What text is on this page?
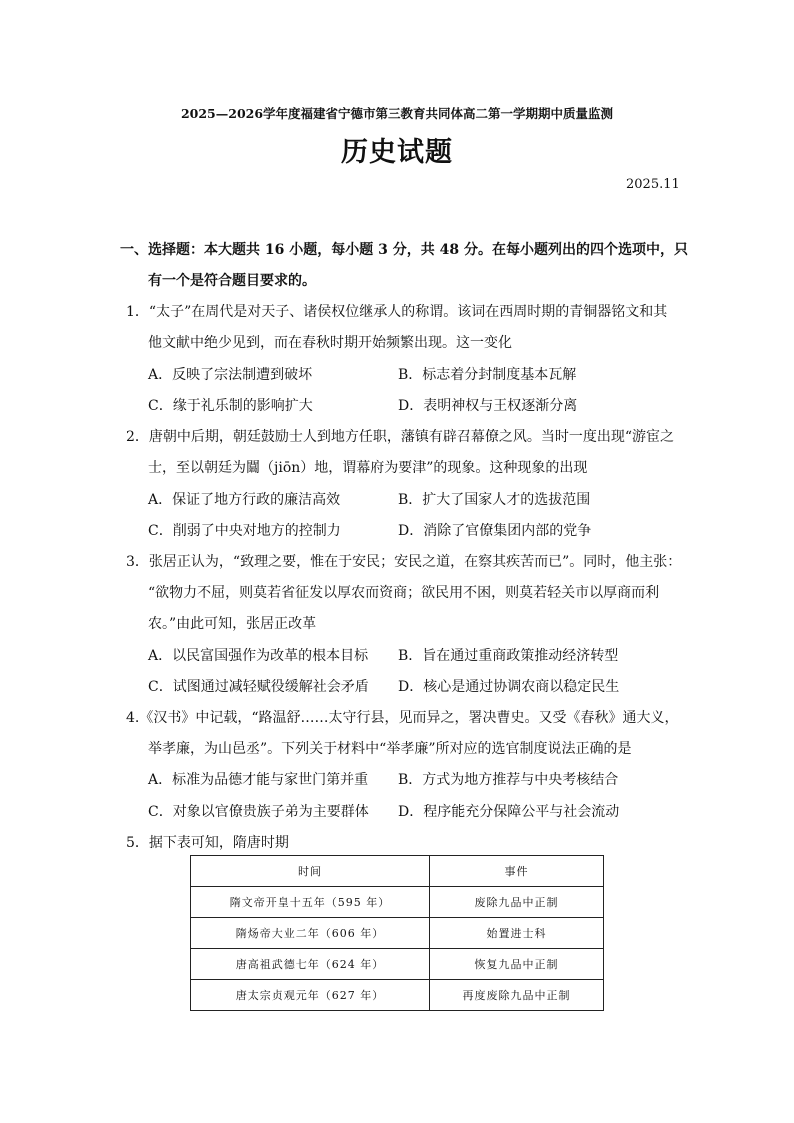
2025—2026学年度福建省宁德市第三教育共同体高二第一学期期中质量监测
历史试题
2025.11
一、选择题：本大题共 16 小题，每小题 3 分，共 48 分。在每小题列出的四个选项中，只
有一个是符合题目要求的。
1．“太子”在周代是对天子、诸侯权位继承人的称谓。该词在西周时期的青铜器铭文和其
他文献中绝少见到，而在春秋时期开始频繁出现。这一变化
A．反映了宗法制遭到破坏	B．标志着分封制度基本瓦解
C．缘于礼乐制的影响扩大	D．表明神权与王权逐渐分离
2．唐朝中后期，朝廷鼓励士人到地方任职，藩镇有辟召幕僚之风。当时一度出现“游宦之
士，至以朝廷为闒（jiōn）地，谓幕府为要津”的现象。这种现象的出现
A．保证了地方行政的廉洁高效	B．扩大了国家人才的选拔范围
C．削弱了中央对地方的控制力	D．消除了官僚集团内部的党争
3．张居正认为，“致理之要，惟在于安民；安民之道，在察其疾苦而已”。同时，他主张：
“欲物力不屈，则莫若省征发以厚农而资商；欲民用不困，则莫若轻关市以厚商而利
农。”由此可知，张居正改革
A．以民富国强作为改革的根本目标 B．旨在通过重商政策推动经济转型
C．试图通过减轻赋役缓解社会矛盾 D．核心是通过协调农商以稳定民生
4.《汉书》中记载，“路温舒……太守行县，见而异之，署决曹史。又受《春秋》通大义，
举孝廉，为山邑丞”。下列关于材料中“举孝廉”所对应的选官制度说法正确的是
A．标准为品德才能与家世门第并重 B．方式为地方推荐与中央考核结合
C．对象以官僚贵族子弟为主要群体 D．程序能充分保障公平与社会流动
5．据下表可知，隋唐时期
时间	事件
隋文帝开皇十五年（595 年）	废除九品中正制
隋炀帝大业二年（606 年）	始置进士科
唐高祖武德七年（624 年）	恢复九品中正制
唐太宗贞观元年（627 年）	再度废除九品中正制
